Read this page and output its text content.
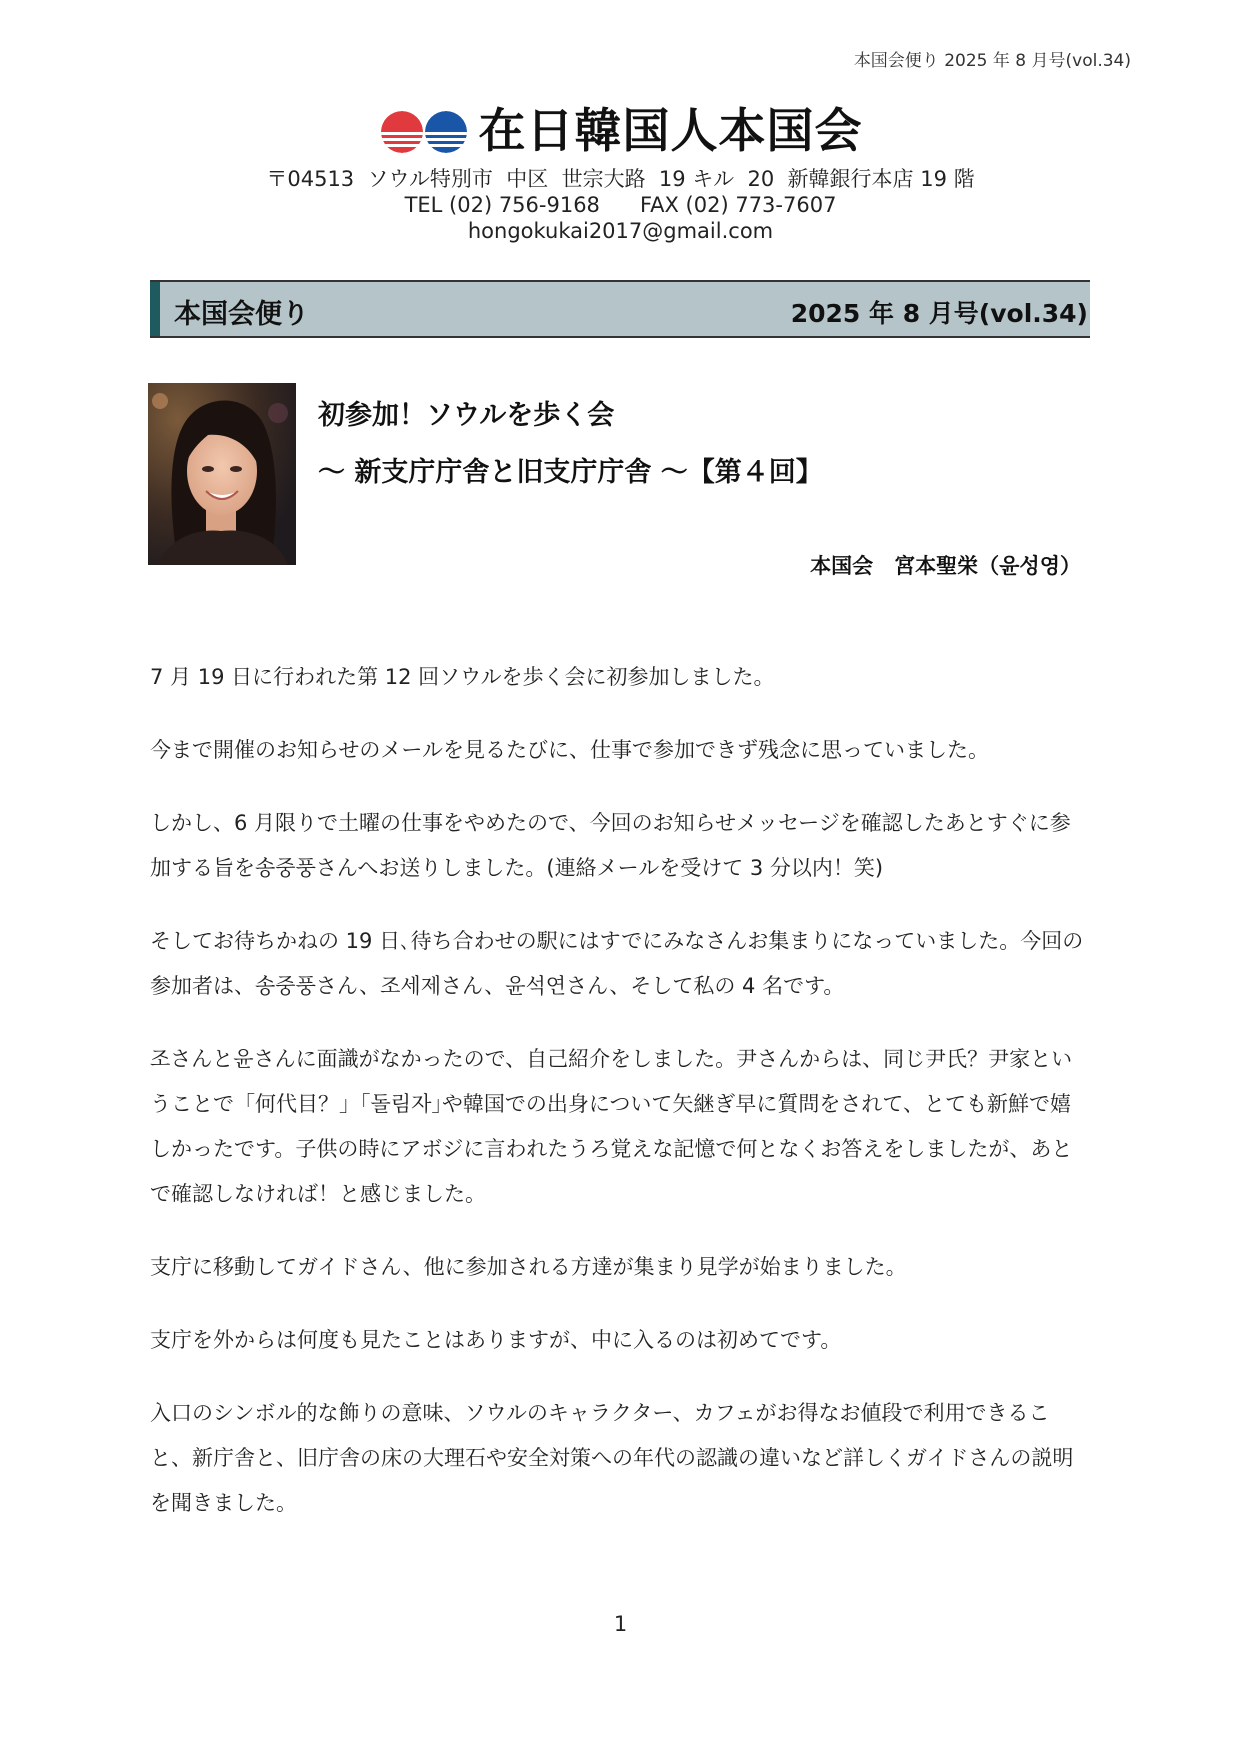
本国会便り 2025 年 8 月号(vol.34)
在日韓国人本国会
〒04513  ソウル特別市  中区  世宗大路  19 キル  20  新韓銀行本店 19 階
TEL (02) 756-9168      FAX (02) 773-7607
hongokukai2017@gmail.com
本国会便り	2025 年 8 月号(vol.34)
初参加！ソウルを歩く会
〜 新支庁庁舎と旧支庁庁舎 〜【第４回】
本国会　宮本聖栄（윤성영）

7 月 19 日に行われた第 12 回ソウルを歩く会に初参加しました。

今まで開催のお知らせのメールを見るたびに、仕事で参加できず残念に思っていました。

しかし、6 月限りで土曜の仕事をやめたので、今回のお知らせメッセージを確認したあとすぐに参加する旨を송중풍さんへお送りしました。(連絡メールを受けて 3 分以内！笑)

そしてお待ちかねの 19 日､待ち合わせの駅にはすでにみなさんお集まりになっていました。今回の参加者は、송중풍さん、조세제さん、윤석연さん、そして私の 4 名です。

조さんと윤さんに面識がなかったので、自己紹介をしました。尹さんからは、同じ尹氏？尹家ということで「何代目？」｢돌림자｣や韓国での出身について矢継ぎ早に質問をされて、とても新鮮で嬉しかったです。子供の時にアボジに言われたうろ覚えな記憶で何となくお答えをしましたが、あとで確認しなければ！と感じました。

支庁に移動してガイドさん、他に参加される方達が集まり見学が始まりました。

支庁を外からは何度も見たことはありますが、中に入るのは初めてです。

入口のシンボル的な飾りの意味、ソウルのキャラクター、カフェがお得なお値段で利用できること、新庁舎と、旧庁舎の床の大理石や安全対策への年代の認識の違いなど詳しくガイドさんの説明を聞きました。

1
